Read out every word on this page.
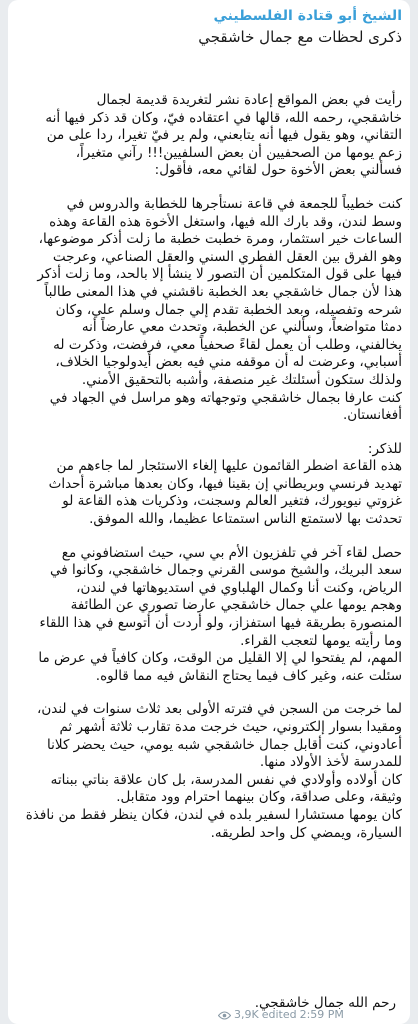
الشيخ أبو قتادة الفلسطيني
ذكرى لحظات مع جمال خاشقجي

رأيت في بعض المواقع إعادة نشر لتغريدة قديمة لجمال
خاشقجي، رحمه الله، قالها في اعتقاده فيّ، وكان قد ذكر فيها أنه
التقاني، وهو يقول فيها أنه يتابعني، ولم ير فيّ تغيرا، ردا على من
زعم يومها من الصحفيين أن بعض السلفيين!!! رآني متغيراً،
فسألني بعض الأخوة حول لقائي معه، فأقول:

كنت خطيباً للجمعة في قاعة نستأجرها للخطابة والدروس في
وسط لندن، وقد بارك الله فيها، واستغل الأخوة هذه القاعة وهذه
الساعات خير استثمار، ومرة خطبت خطبة ما زلت أذكر موضوعها،
وهو الفرق بين العقل الفطري السني والعقل الصناعي، وعرجت
فيها على قول المتكلمين أن التصور لا ينشأ إلا بالحد، وما زلت أذكر
هذا لأن جمال خاشقجي بعد الخطبة ناقشني في هذا المعنى طالباً
شرحه وتفصيله، وبعد الخطبة تقدم إلي جمال وسلم علي، وكان
دمثا متواضعاً، وسألني عن الخطبة، وتحدث معي عارضاً أنه
يخالفني، وطلب أن يعمل لقاءً صحفياً معي، فرفضت، وذكرت له
أسبابي، وعرضت له أن موقفه مني فيه بعض أيدولوجيا الخلاف،
ولذلك ستكون أسئلتك غير منصفة، وأشبه بالتحقيق الأمني.
كنت عارفا بجمال خاشقجي وتوجهاته وهو مراسل في الجهاد في
أفغانستان.

للذكر:
هذه القاعة اضطر القائمون عليها إلغاء الاستئجار لما جاءهم من
تهديد فرنسي وبريطاني إن بقينا فيها، وكان بعدها مباشرة أحداث
غزوتي نيويورك، فتغير العالم وسجنت، وذكريات هذه القاعة لو
تحدثت بها لاستمتع الناس استمتاعا عظيما، والله الموفق.

حصل لقاء آخر في تلفزيون الأم بي سي، حيث استضافوني مع
سعد البريك، والشيخ موسى القرني وجمال خاشقجي، وكانوا في
الرياض، وكنت أنا وكمال الهلباوي في استديوهاتها في لندن،
وهجم يومها علي جمال خاشقجي عارضا تصوري عن الطائفة
المنصورة بطريقة فيها استفزاز، ولو أردت أن أتوسع في هذا اللقاء
وما رأيته يومها لتعجب القراء.
المهم، لم يفتحوا لي إلا القليل من الوقت، وكان كافياً في عرض ما
سئلت عنه، وغير كاف فيما يحتاج النقاش فيه مما قالوه.

لما خرجت من السجن في فترته الأولى بعد ثلاث سنوات في لندن،
ومقيدا بسوار إلكتروني، حيث خرجت مدة تقارب ثلاثة أشهر ثم
أعادوني، كنت أقابل جمال خاشقجي شبه يومي، حيث يحضر كلانا
للمدرسة لأخذ الأولاد منها.
كان أولاده وأولادي في نفس المدرسة، بل كان علاقة بناتي ببناته
وثيقة، وعلى صداقة، وكان بينهما احترام وود متقابل.
كان يومها مستشارا لسفير بلده في لندن، فكان ينظر فقط من نافذة
السيارة، ويمضي كل واحد لطريقه.

رحم الله جمال خاشقجي.
3,9K edited 2:59 PM
